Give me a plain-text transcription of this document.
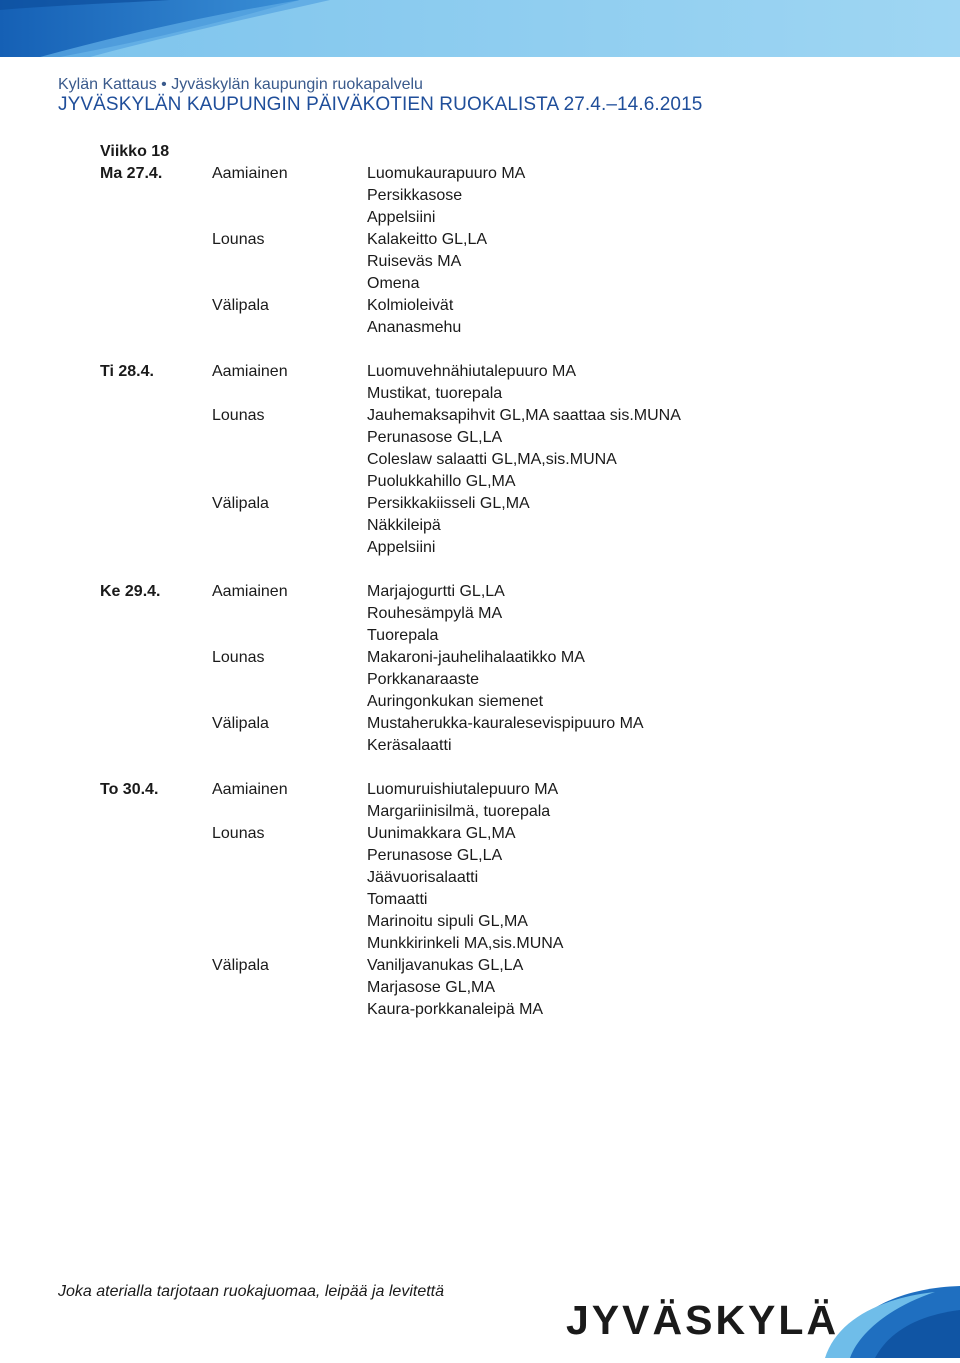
Kylän Kattaus • Jyväskylän kaupungin ruokapalvelu
JYVÄSKYLÄN KAUPUNGIN PÄIVÄKOTIEN RUOKALISTA 27.4.–14.6.2015
Viikko 18
Ma 27.4.	Aamiainen	Luomukaurapuuro MA
Persikkasose
Appelsiini
Lounas	Kalakeitto GL,LA
Ruiseväs MA
Omena
Välipala	Kolmioleivät
Ananasmehu
Ti 28.4.	Aamiainen	Luomuvehnähiutalepuuro MA
Mustikat, tuorepala
Lounas	Jauhemaksapihvit GL,MA saattaa sis.MUNA
Perunasose GL,LA
Coleslaw salaatti GL,MA,sis.MUNA
Puolukkahillo GL,MA
Välipala	Persikkakiisseli GL,MA
Näkkileipä
Appelsiini
Ke 29.4.	Aamiainen	Marjajogurtti GL,LA
Rouhesämpylä MA
Tuorepala
Lounas	Makaroni-jauhelihalaatikko MA
Porkkanaraaste
Auringonkukan siemenet
Välipala	Mustaherukka-kauralesevispipuuro MA
Keräsalaatti
To 30.4.	Aamiainen	Luomuruishiutalepuuro MA
Margariinisilmä, tuorepala
Lounas	Uunimakkara GL,MA
Perunasose GL,LA
Jäävuorisalaatti
Tomaatti
Marinoitu sipuli GL,MA
Munkkirinkeli MA,sis.MUNA
Välipala	Vaniljavanukas GL,LA
Marjasose GL,MA
Kaura-porkkanaleipä MA
Joka aterialla tarjotaan ruokajuomaa, leipää ja levitettä
JYVÄSKYLÄ
